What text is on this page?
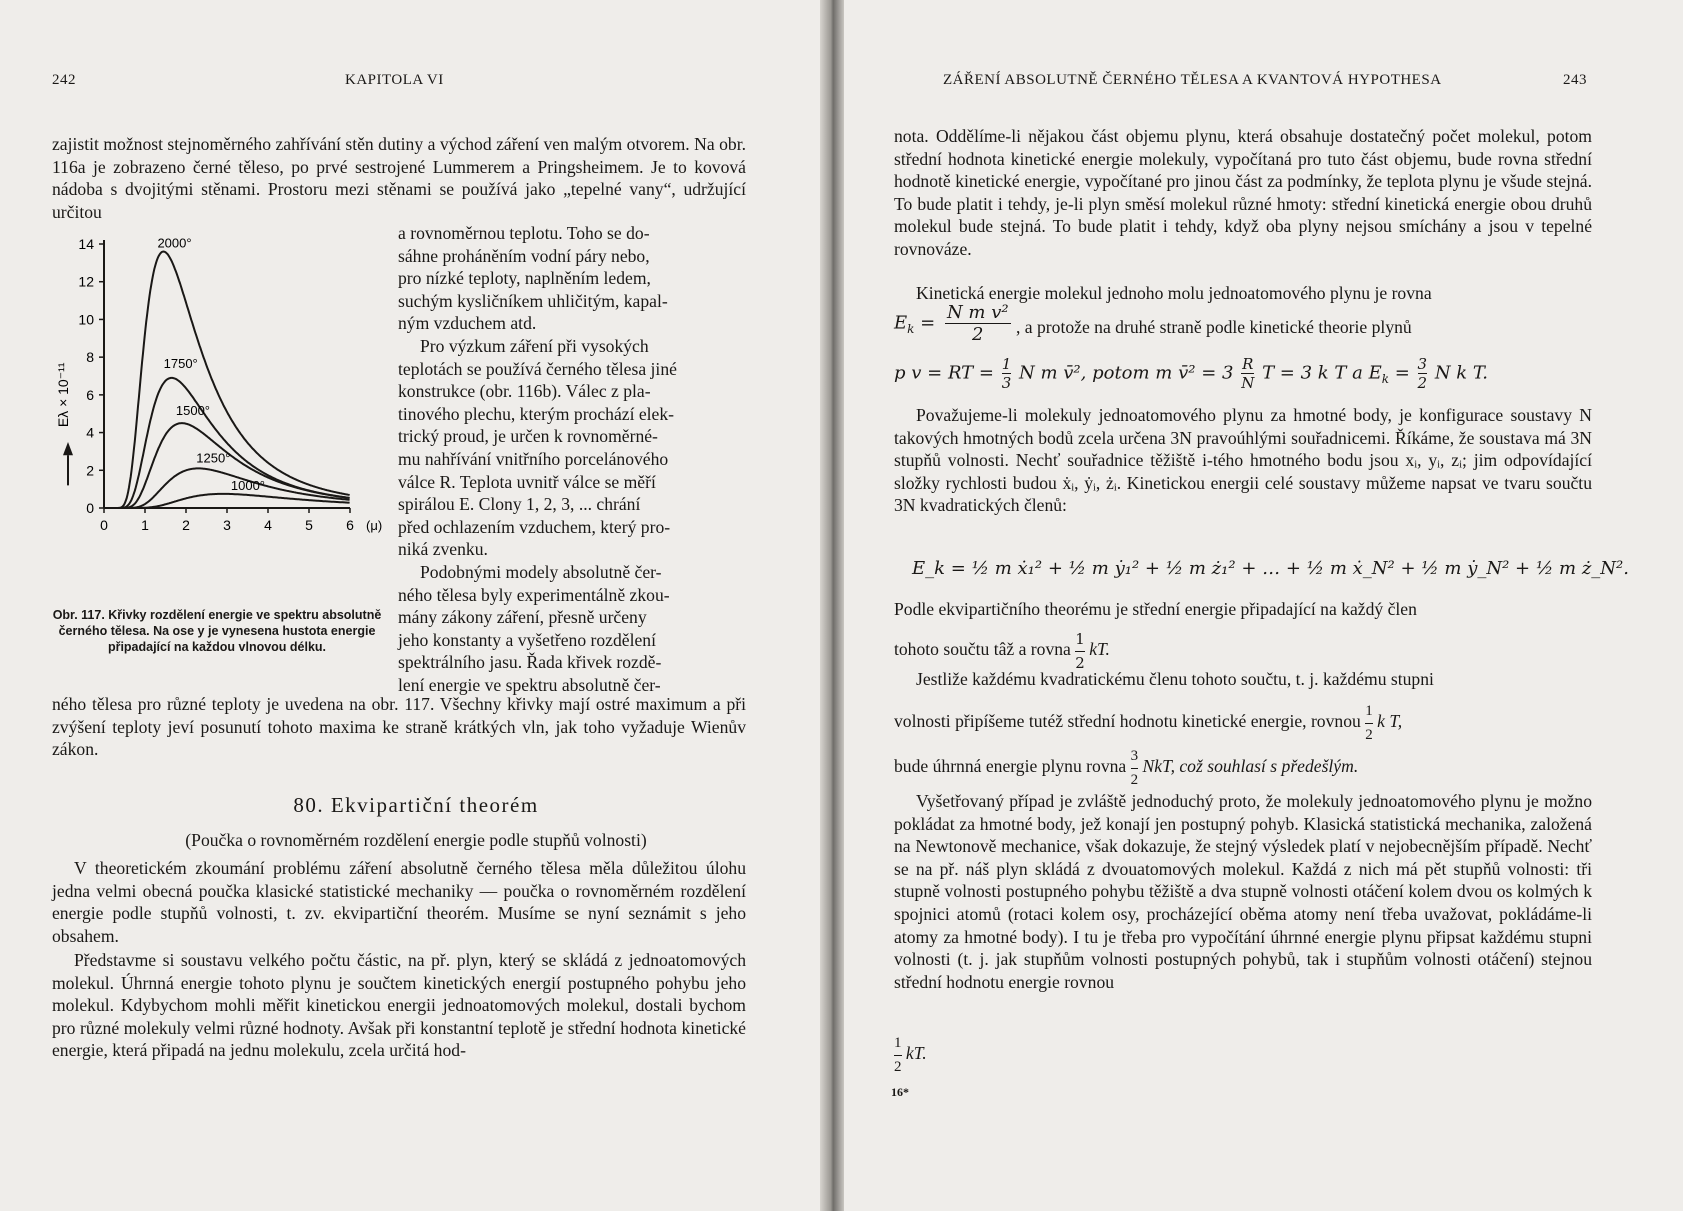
242	KAPITOLA VI

zajistit možnost stejnoměrného zahřívání stěn dutiny a východ záření ven malým otvorem. Na obr. 116a je zobrazeno černé těleso, po prvé sestrojené Lummerem a Pringsheimem. Je to kovová nádoba s dvojitými stěnami. Prostoru mezi stěnami se používá jako „tepelné vany“, udržující určitou

a rovnoměrnou teplotu. Toho se do-
sáhne proháněním vodní páry nebo,
pro nízké teploty, naplněním ledem,
suchým kysličníkem uhličitým, kapal-
ným vzduchem atd.
Pro výzkum záření při vysokých
teplotách se používá černého tělesa jiné
konstrukce (obr. 116b). Válec z pla-
tinového plechu, kterým prochází elek-
trický proud, je určen k rovnoměrné-
mu nahřívání vnitřního porcelánového
válce R. Teplota uvnitř válce se měří
spirálou E. Clony 1, 2, 3, ... chrání
před ochlazením vzduchem, který pro-
niká zvenku.
Podobnými modely absolutně čer-
ného tělesa byly experimentálně zkou-
mány zákony záření, přesně určeny
jeho konstanty a vyšetřeno rozdělení
spektrálního jasu. Řada křivek rozdě-
lení energie ve spektru absolutně čer-
0
2
4
6
8
10
12
14
0 1 2 3 4 5 6 (μ)
Eλ × 10⁻¹¹
2000°
1750°
1500°
1250°
1000°
Obr. 117. Křivky rozdělení energie ve spektru absolutně černého tělesa. Na ose y je vynesena hustota energie připadající na každou vlnovou délku.

ného tělesa pro různé teploty je uvedena na obr. 117. Všechny křivky mají ostré maximum a při zvýšení teploty jeví posunutí tohoto maxima ke straně krátkých vln, jak toho vyžaduje Wienův zákon.

80. Ekvipartiční theorém
(Poučka o rovnoměrném rozdělení energie podle stupňů volnosti)

V theoretickém zkoumání problému záření absolutně černého tělesa měla důležitou úlohu jedna velmi obecná poučka klasické statistické mechaniky — poučka o rovnoměrném rozdělení energie podle stupňů volnosti, t. zv. ekvipartiční theorém. Musíme se nyní seznámit s jeho obsahem.

Představme si soustavu velkého počtu částic, na př. plyn, který se skládá z jednoatomových molekul. Úhrnná energie tohoto plynu je součtem kinetických energií postupného pohybu jeho molekul. Kdybychom mohli měřit kinetickou energii jednoatomových molekul, dostali bychom pro různé molekuly velmi různé hodnoty. Avšak při konstantní teplotě je střední hodnota kinetické energie, která připadá na jednu molekulu, zcela určitá hod-

ZÁŘENÍ ABSOLUTNĚ ČERNÉHO TĚLESA A KVANTOVÁ HYPOTHESA	243

nota. Oddělíme-li nějakou část objemu plynu, která obsahuje dostatečný počet molekul, potom střední hodnota kinetické energie molekuly, vypočítaná pro tuto část objemu, bude rovna střední hodnotě kinetické energie, vypočítané pro jinou část za podmínky, že teplota plynu je všude stejná. To bude platit i tehdy, je-li plyn směsí molekul různé hmoty: střední kinetická energie obou druhů molekul bude stejná. To bude platit i tehdy, když oba plyny nejsou smíchány a jsou v tepelné rovnováze.

Kinetická energie molekul jednoho molu jednoatomového plynu je rovna

$E_k = \frac{\text{N m v²}}{2}$ , a protože na druhé straně podle kinetické theorie plynů
p v = RT = $\frac{1}{3}$ N m v̄², potom m v̄² = $3 \frac{R}{N}$ T = 3 k T a $E_k = \frac{3}{2}$ N k T.

Považujeme-li molekuly jednoatomového plynu za hmotné body, je konfigurace soustavy N takových hmotných bodů zcela určena 3N pravoúhlými souřadnicemi. Říkáme, že soustava má 3N stupňů volnosti. Nechť souřadnice těžiště i-tého hmotného bodu jsou xᵢ, yᵢ, zᵢ; jim odpovídající složky rychlosti budou ẋᵢ, ẏᵢ, żᵢ. Kinetickou energii celé soustavy můžeme napsat ve tvaru součtu 3N kvadratických členů:

E_k = ½ m ẋ₁² + ½ m ẏ₁² + ½ m ż₁² + … + ½ m ẋ_N² + ½ m ẏ_N² + ½ m ż_N².
Podle ekvipartičního theorému je střední energie připadající na každý člen
tohoto součtu tâž a rovna $\frac{1}{2}$ kT.

Jestliže každému kvadratickému členu tohoto součtu, t. j. každému stupni

volnosti připíšeme tutéž střední hodnotu kinetické energie, rovnou $\frac{1}{2}$ k T,
bude úhrnná energie plynu rovna $\frac{3}{2}$ NkT, což souhlasí s předešlým.

Vyšetřovaný případ je zvláště jednoduchý proto, že molekuly jednoatomového plynu je možno pokládat za hmotné body, jež konají jen postupný pohyb. Klasická statistická mechanika, založená na Newtonově mechanice, však dokazuje, že stejný výsledek platí v nejobecnějším případě. Nechť se na př. náš plyn skládá z dvouatomových molekul. Každá z nich má pět stupňů volnosti: tři stupně volnosti postupného pohybu těžiště a dva stupně volnosti otáčení kolem dvou os kolmých k spojnici atomů (rotaci kolem osy, procházející oběma atomy není třeba uvažovat, pokládáme-li atomy za hmotné body). I tu je třeba pro vypočítání úhrnné energie plynu připsat každému stupni volnosti (t. j. jak stupňům volnosti postupných pohybů, tak i stupňům volnosti otáčení) stejnou střední hodnotu energie rovnou

$\frac{1}{2}$ kT.
16*
